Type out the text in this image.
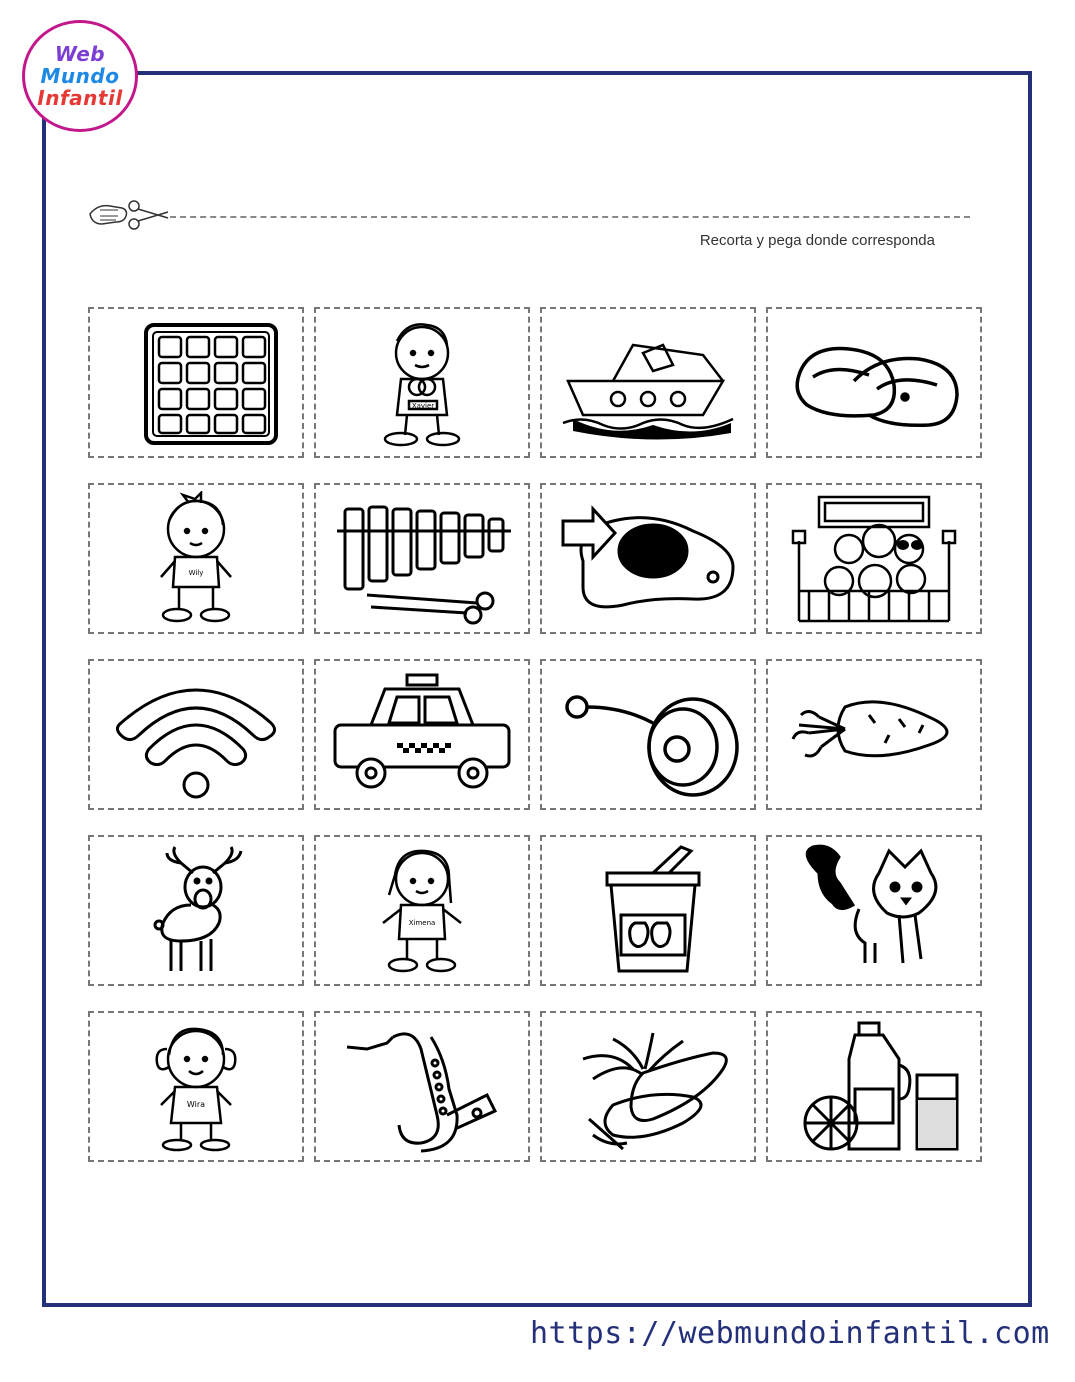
Web
Mundo
Infantil
Recorta y pega donde corresponda
Xavier
Wily
Ximena
Wira
https://webmundoinfantil.com
